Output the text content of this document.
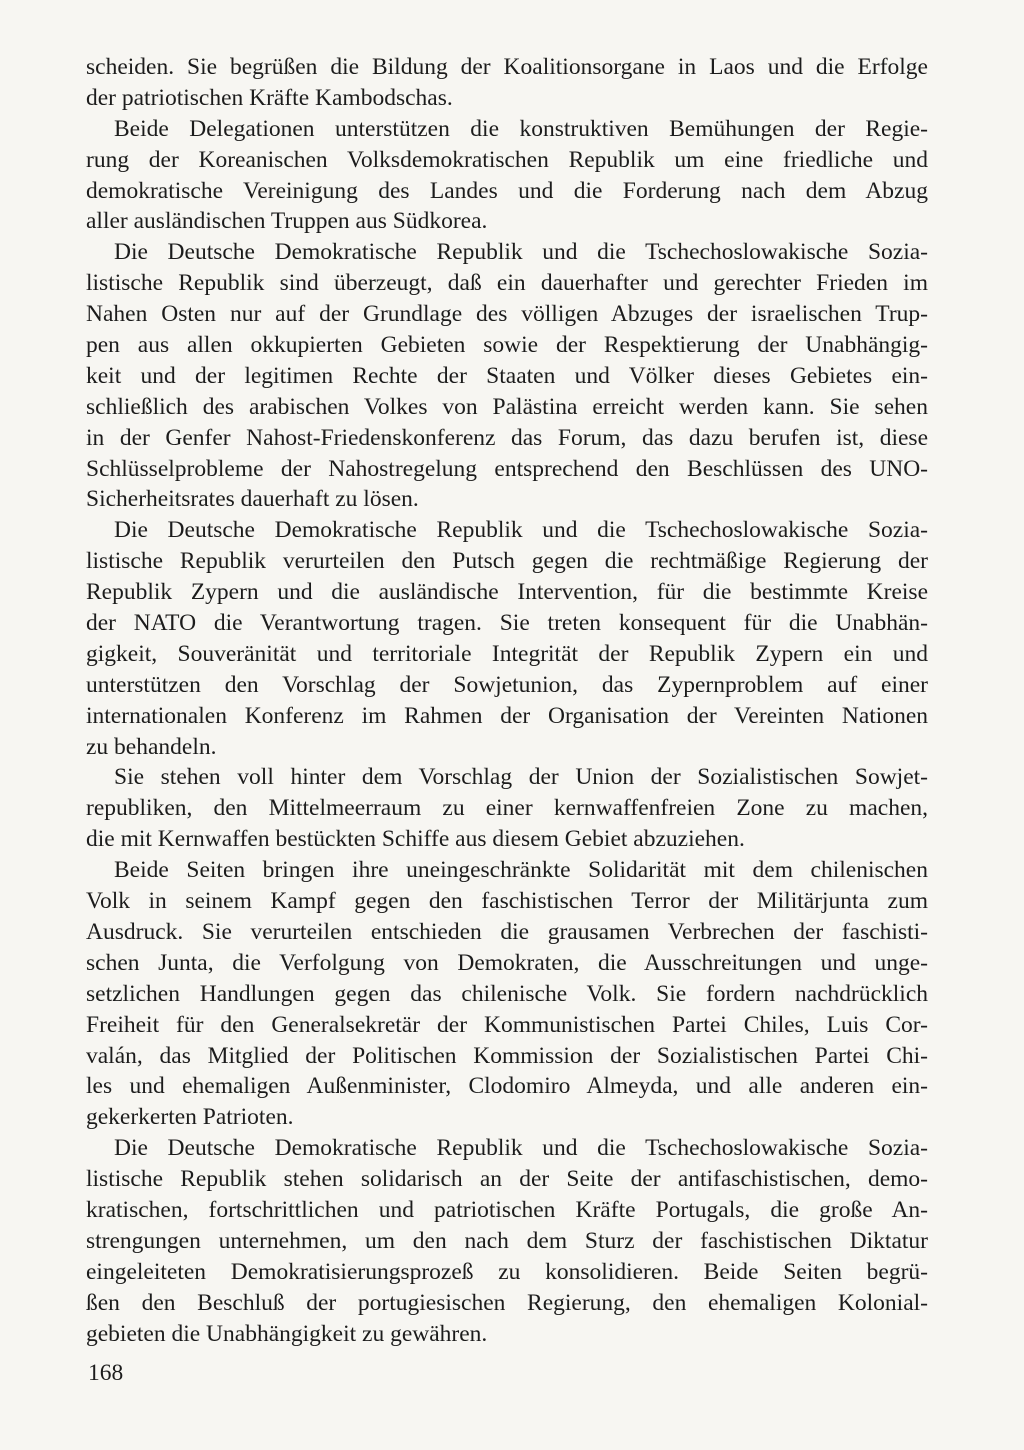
scheiden. Sie begrüßen die Bildung der Koalitionsorgane in Laos und die Erfolge
der patriotischen Kräfte Kambodschas.

Beide Delegationen unterstützen die konstruktiven Bemühungen der Regie-
rung der Koreanischen Volksdemokratischen Republik um eine friedliche und
demokratische Vereinigung des Landes und die Forderung nach dem Abzug
aller ausländischen Truppen aus Südkorea.

Die Deutsche Demokratische Republik und die Tschechoslowakische Sozia-
listische Republik sind überzeugt, daß ein dauerhafter und gerechter Frieden im
Nahen Osten nur auf der Grundlage des völligen Abzuges der israelischen Trup-
pen aus allen okkupierten Gebieten sowie der Respektierung der Unabhängig-
keit und der legitimen Rechte der Staaten und Völker dieses Gebietes ein-
schließlich des arabischen Volkes von Palästina erreicht werden kann. Sie sehen
in der Genfer Nahost-Friedenskonferenz das Forum, das dazu berufen ist, diese
Schlüsselprobleme der Nahostregelung entsprechend den Beschlüssen des UNO-
Sicherheitsrates dauerhaft zu lösen.

Die Deutsche Demokratische Republik und die Tschechoslowakische Sozia-
listische Republik verurteilen den Putsch gegen die rechtmäßige Regierung der
Republik Zypern und die ausländische Intervention, für die bestimmte Kreise
der NATO die Verantwortung tragen. Sie treten konsequent für die Unabhän-
gigkeit, Souveränität und territoriale Integrität der Republik Zypern ein und
unterstützen den Vorschlag der Sowjetunion, das Zypernproblem auf einer
internationalen Konferenz im Rahmen der Organisation der Vereinten Nationen
zu behandeln.

Sie stehen voll hinter dem Vorschlag der Union der Sozialistischen Sowjet-
republiken, den Mittelmeerraum zu einer kernwaffenfreien Zone zu machen,
die mit Kernwaffen bestückten Schiffe aus diesem Gebiet abzuziehen.

Beide Seiten bringen ihre uneingeschränkte Solidarität mit dem chilenischen
Volk in seinem Kampf gegen den faschistischen Terror der Militärjunta zum
Ausdruck. Sie verurteilen entschieden die grausamen Verbrechen der faschisti-
schen Junta, die Verfolgung von Demokraten, die Ausschreitungen und unge-
setzlichen Handlungen gegen das chilenische Volk. Sie fordern nachdrücklich
Freiheit für den Generalsekretär der Kommunistischen Partei Chiles, Luis Cor-
valán, das Mitglied der Politischen Kommission der Sozialistischen Partei Chi-
les und ehemaligen Außenminister, Clodomiro Almeyda, und alle anderen ein-
gekerkerten Patrioten.

Die Deutsche Demokratische Republik und die Tschechoslowakische Sozia-
listische Republik stehen solidarisch an der Seite der antifaschistischen, demo-
kratischen, fortschrittlichen und patriotischen Kräfte Portugals, die große An-
strengungen unternehmen, um den nach dem Sturz der faschistischen Diktatur
eingeleiteten Demokratisierungsprozeß zu konsolidieren. Beide Seiten begrü-
ßen den Beschluß der portugiesischen Regierung, den ehemaligen Kolonial-
gebieten die Unabhängigkeit zu gewähren.

168
